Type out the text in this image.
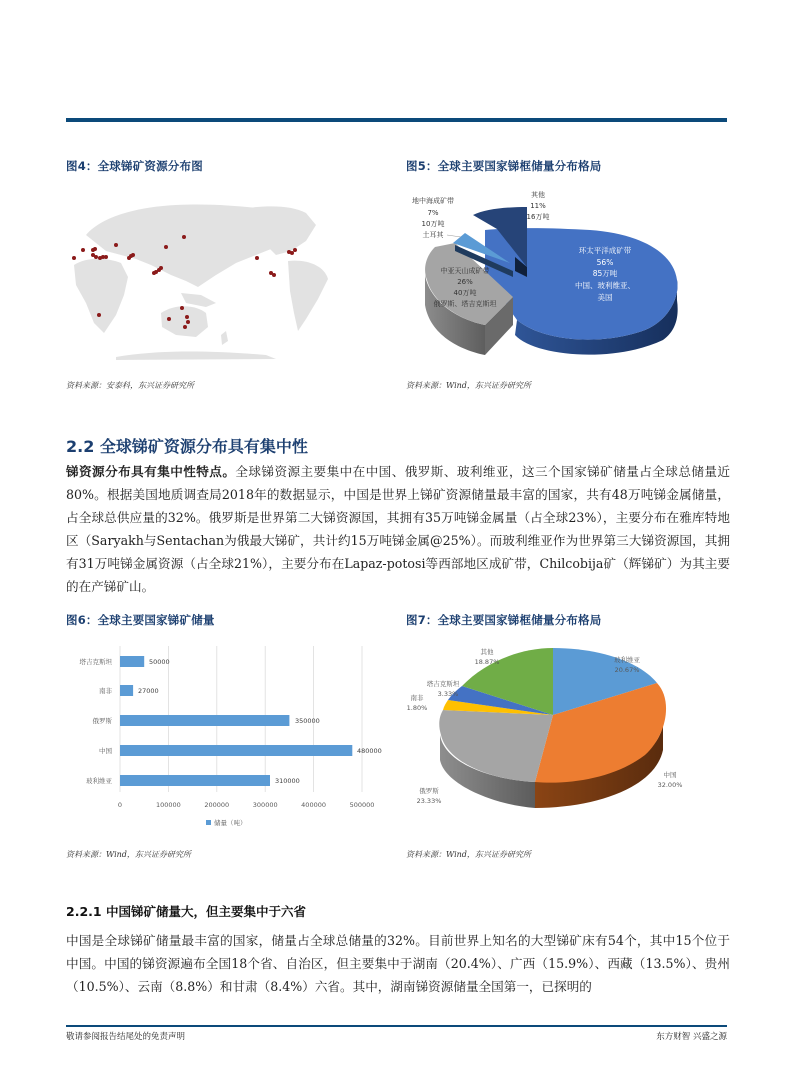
图4：全球锑矿资源分布图
资料来源：安泰科，东兴证券研究所
图5：全球主要国家锑框储量分布格局
环太平洋成矿带
56%
85万吨
中国、玻利维亚、
美国
中亚天山成矿带
26%
40万吨
俄罗斯、塔吉克斯坦
地中海成矿带
7%
10万吨
土耳其
其他
11%
16万吨
资料来源：Wind，东兴证券研究所
2.2 全球锑矿资源分布具有集中性
锑资源分布具有集中性特点。全球锑资源主要集中在中国、俄罗斯、玻利维亚，这三个国家锑矿储量占全球总储量近80%。根据美国地质调查局2018年的数据显示，中国是世界上锑矿资源储量最丰富的国家，共有48万吨锑金属储量，占全球总供应量的32%。俄罗斯是世界第二大锑资源国，其拥有35万吨锑金属量（占全球23%），主要分布在雅库特地区（Saryakh与Sentachan为俄最大锑矿，共计约15万吨锑金属@25%）。而玻利维亚作为世界第三大锑资源国，其拥有31万吨锑金属资源（占全球21%），主要分布在Lapaz-potosi等西部地区成矿带，Chilcobija矿（辉锑矿）为其主要的在产锑矿山。
图6：全球主要国家锑矿储量
塔吉克斯坦
南非
俄罗斯
中国
玻利维亚
50000
27000
350000
480000
310000
0	100000	200000	300000	400000	500000
储量（吨）
资料来源：Wind，东兴证券研究所
图7：全球主要国家锑框储量分布格局
玻利维亚
20.67%
中国
32.00%
俄罗斯
23.33%
南非
1.80%
塔吉克斯坦
3.33%
其他
18.87%
资料来源：Wind，东兴证券研究所
2.2.1 中国锑矿储量大，但主要集中于六省
中国是全球锑矿储量最丰富的国家，储量占全球总储量的32%。目前世界上知名的大型锑矿床有54个，其中15个位于中国。中国的锑资源遍布全国18个省、自治区，但主要集中于湖南（20.4%）、广西（15.9%）、西藏（13.5%）、贵州（10.5%）、云南（8.8%）和甘肃（8.4%）六省。其中，湖南锑资源储量全国第一，已探明的
敬请参阅报告结尾处的免责声明	东方财智 兴盛之源
